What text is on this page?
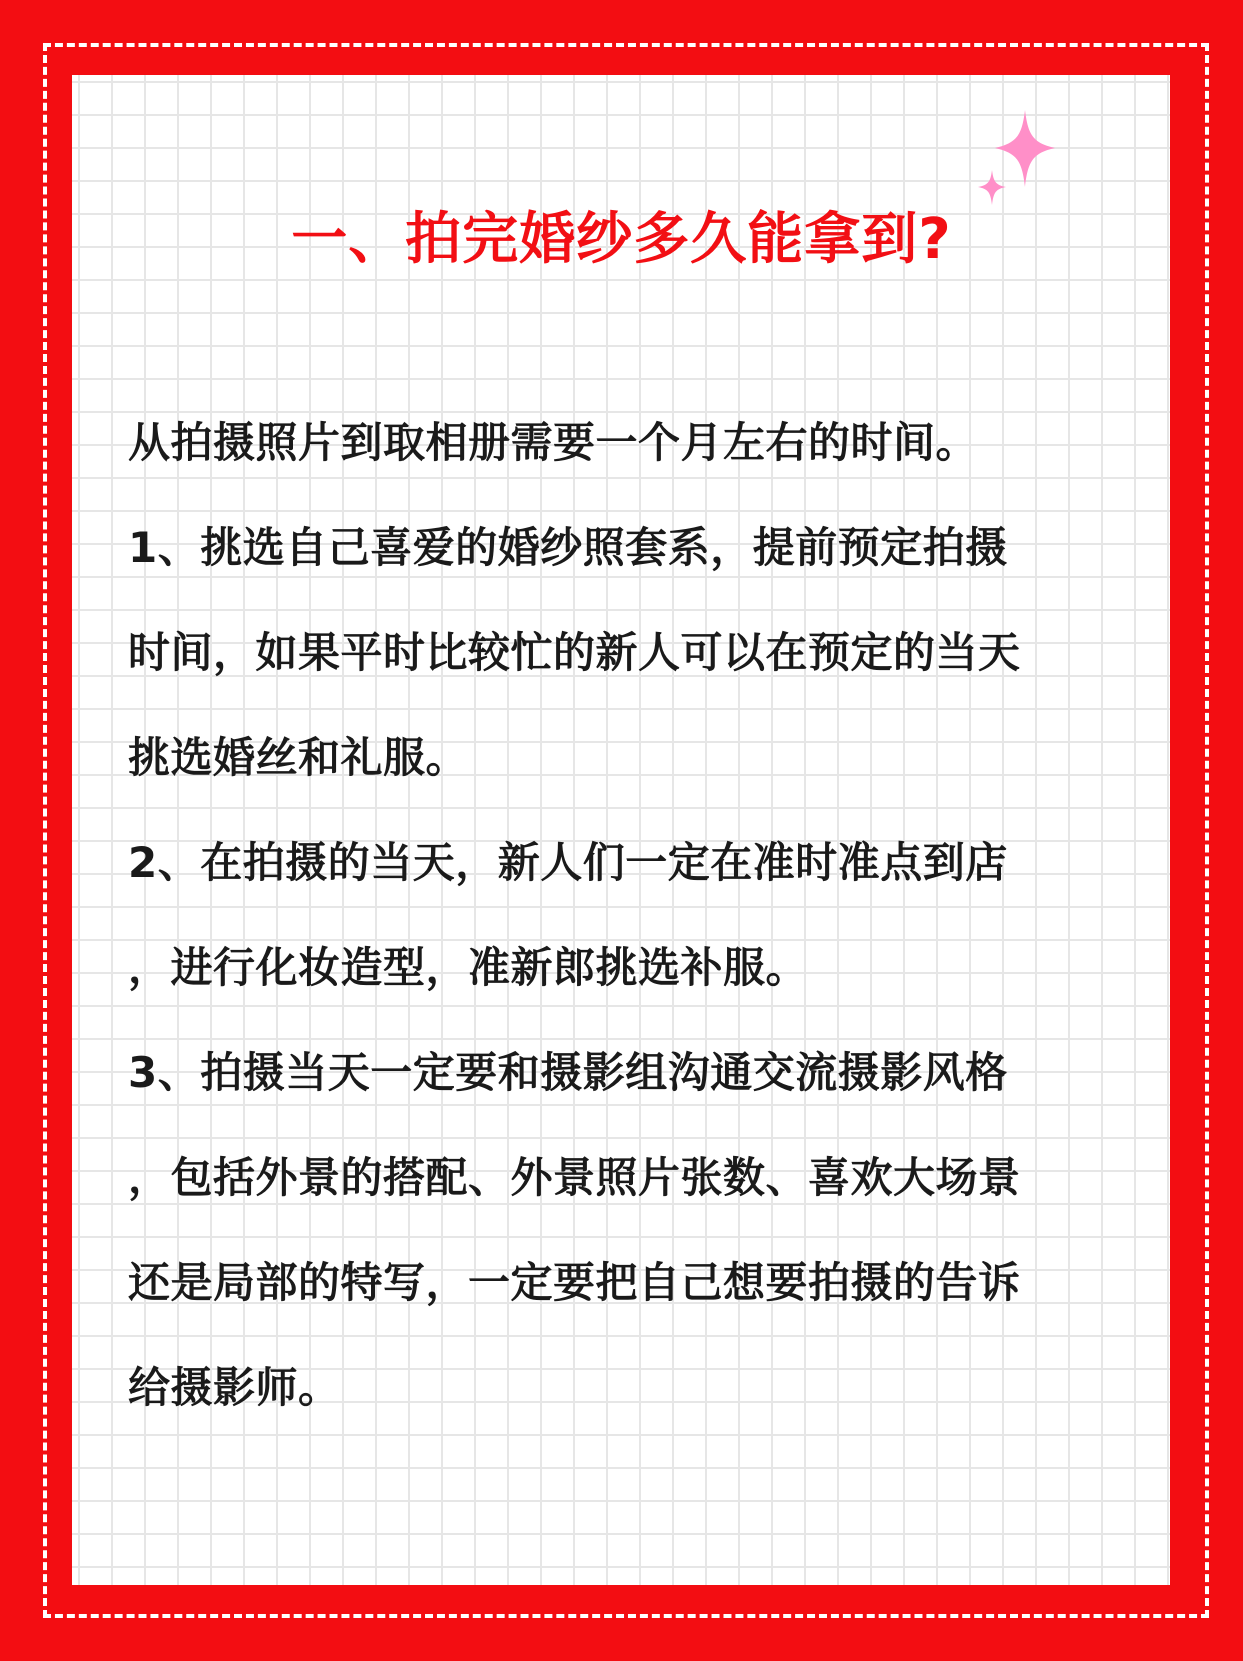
一、拍完婚纱多久能拿到?
从拍摄照片到取相册需要一个月左右的时间。
1、挑选自己喜爱的婚纱照套系，提前预定拍摄
时间，如果平时比较忙的新人可以在预定的当天
挑选婚丝和礼服。
2、在拍摄的当天，新人们一定在准时准点到店
，进行化妆造型，准新郎挑选补服。
3、拍摄当天一定要和摄影组沟通交流摄影风格
，包括外景的搭配、外景照片张数、喜欢大场景
还是局部的特写，一定要把自己想要拍摄的告诉
给摄影师。
